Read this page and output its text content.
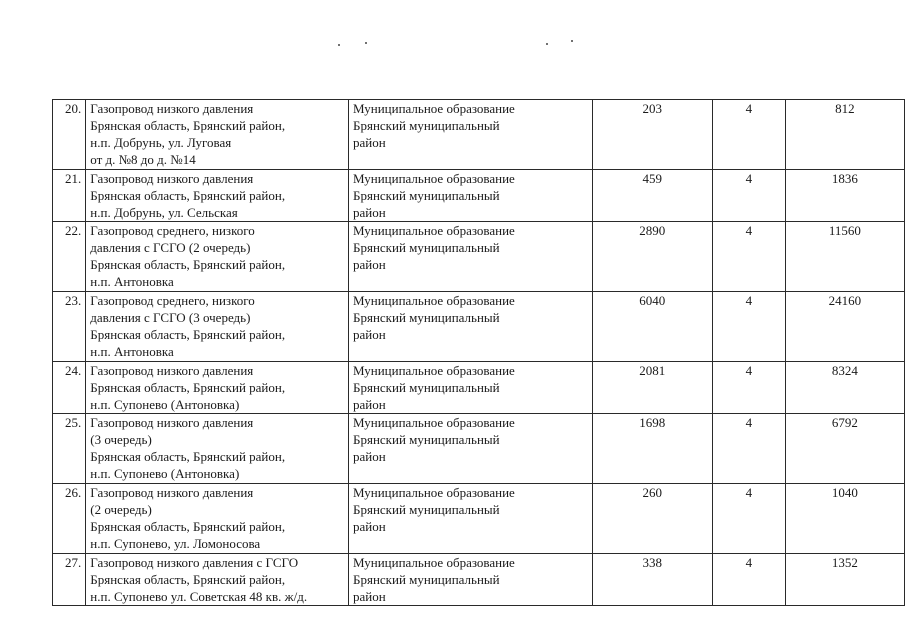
20.	Газопровод низкого давления
Брянская область, Брянский район,
н.п. Добрунь, ул. Луговая
от д. №8 до д. №14	Муниципальное образование
Брянский муниципальный
район	203	4	812

21.	Газопровод низкого давления
Брянская область, Брянский район,
н.п. Добрунь, ул. Сельская	Муниципальное образование
Брянский муниципальный
район	459	4	1836

22.	Газопровод среднего, низкого
давления с ГСГО (2 очередь)
Брянская область, Брянский район,
н.п. Антоновка	Муниципальное образование
Брянский муниципальный
район	2890	4	11560

23.	Газопровод среднего, низкого
давления с ГСГО (3 очередь)
Брянская область, Брянский район,
н.п. Антоновка	Муниципальное образование
Брянский муниципальный
район	6040	4	24160

24.	Газопровод низкого давления
Брянская область, Брянский район,
н.п. Супонево (Антоновка)	Муниципальное образование
Брянский муниципальный
район	2081	4	8324

25.	Газопровод низкого давления
(3 очередь)
Брянская область, Брянский район,
н.п. Супонево (Антоновка)	Муниципальное образование
Брянский муниципальный
район	1698	4	6792

26.	Газопровод низкого давления
(2 очередь)
Брянская область, Брянский район,
н.п. Супонево, ул. Ломоносова	Муниципальное образование
Брянский муниципальный
район	260	4	1040

27.	Газопровод низкого давления с ГСГО
Брянская область, Брянский район,
н.п. Супонево ул. Советская 48 кв. ж/д.	Муниципальное образование
Брянский муниципальный
район	338	4	1352
